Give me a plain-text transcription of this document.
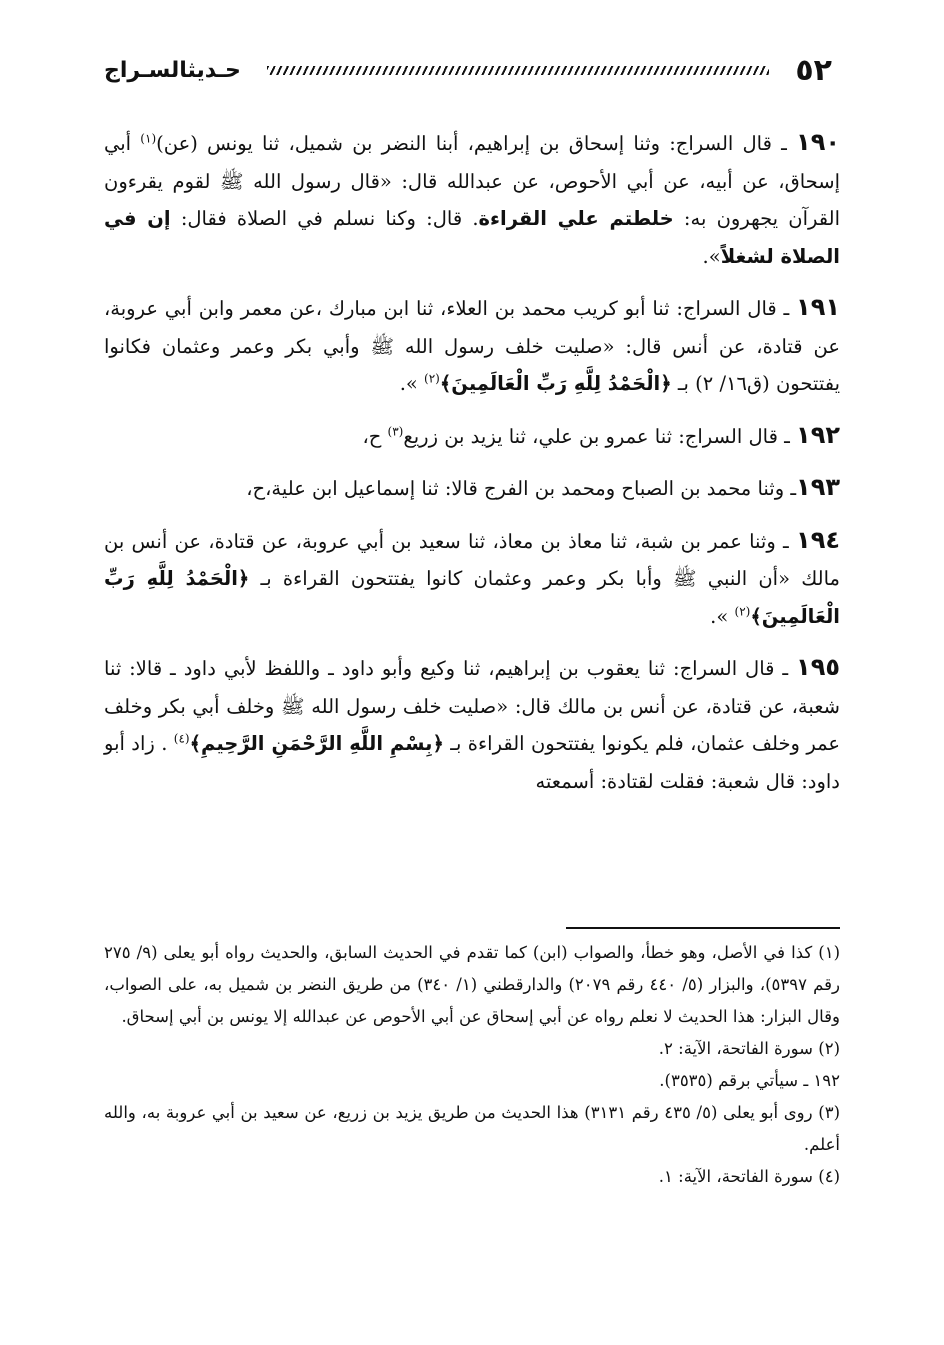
٥٢
حـديثالسـراج

١٩٠ ـ قال السراج: وثنا إسحاق بن إبراهيم، أبنا النضر بن شميل، ثنا يونس (عن)$^{(١)}$ أبي إسحاق، عن أبيه، عن أبي الأحوص، عن عبدالله قال: «قال رسول الله ﷺ لقوم يقرءون القرآن يجهرون به: خلطتم علي القراءة. قال: وكنا نسلم في الصلاة فقال: إن في الصلاة لشغلاً».

١٩١ ـ قال السراج: ثنا أبو كريب محمد بن العلاء، ثنا ابن مبارك ،عن معمر وابن أبي عروبة، عن قتادة، عن أنس قال: «صليت خلف رسول الله ﷺ وأبي بكر وعمر وعثمان فكانوا يفتتحون (ق١٦/ ٢) بـ ﴿الْحَمْدُ لِلَّهِ رَبِّ الْعَالَمِينَ﴾$^{(٢)}$ ».

١٩٢ ـ قال السراج: ثنا عمرو بن علي، ثنا يزيد بن زريع$^{(٣)}$ ح،

١٩٣ـ وثنا محمد بن الصباح ومحمد بن الفرج قالا: ثنا إسماعيل ابن علية،ح،

١٩٤ ـ وثنا عمر بن شبة، ثنا معاذ بن معاذ، ثنا سعيد بن أبي عروبة، عن قتادة، عن أنس بن مالك «أن النبي ﷺ وأبا بكر وعمر وعثمان كانوا يفتتحون القراءة بـ ﴿الْحَمْدُ لِلَّهِ رَبِّ الْعَالَمِينَ﴾$^{(٢)}$ ».

١٩٥ ـ قال السراج: ثنا يعقوب بن إبراهيم، ثنا وكيع وأبو داود ـ واللفظ لأبي داود ـ قالا: ثنا شعبة، عن قتادة، عن أنس بن مالك قال: «صليت خلف رسول الله ﷺ وخلف أبي بكر وخلف عمر وخلف عثمان، فلم يكونوا يفتتحون القراءة بـ ﴿بِسْمِ اللَّهِ الرَّحْمَنِ الرَّحِيمِ﴾$^{(٤)}$ . زاد أبو داود: قال شعبة: فقلت لقتادة: أسمعته

(١) كذا في الأصل، وهو خطأ، والصواب (ابن) كما تقدم في الحديث السابق، والحديث رواه أبو يعلى (٩/ ٢٧٥ رقم ٥٣٩٧)، والبزار (٥/ ٤٤٠ رقم ٢٠٧٩) والدارقطني (١/ ٣٤٠) من طريق النضر بن شميل به، على الصواب، وقال البزار: هذا الحديث لا نعلم رواه عن أبي إسحاق عن أبي الأحوص عن عبدالله إلا يونس بن أبي إسحاق.

(٢) سورة الفاتحة، الآية: ٢.

١٩٢ ـ سيأتي برقم (٣٥٣٥).

(٣) روى أبو يعلى (٥/ ٤٣٥ رقم ٣١٣١) هذا الحديث من طريق يزيد بن زريع، عن سعيد بن أبي عروبة به، والله أعلم.

(٤) سورة الفاتحة، الآية: ١.
